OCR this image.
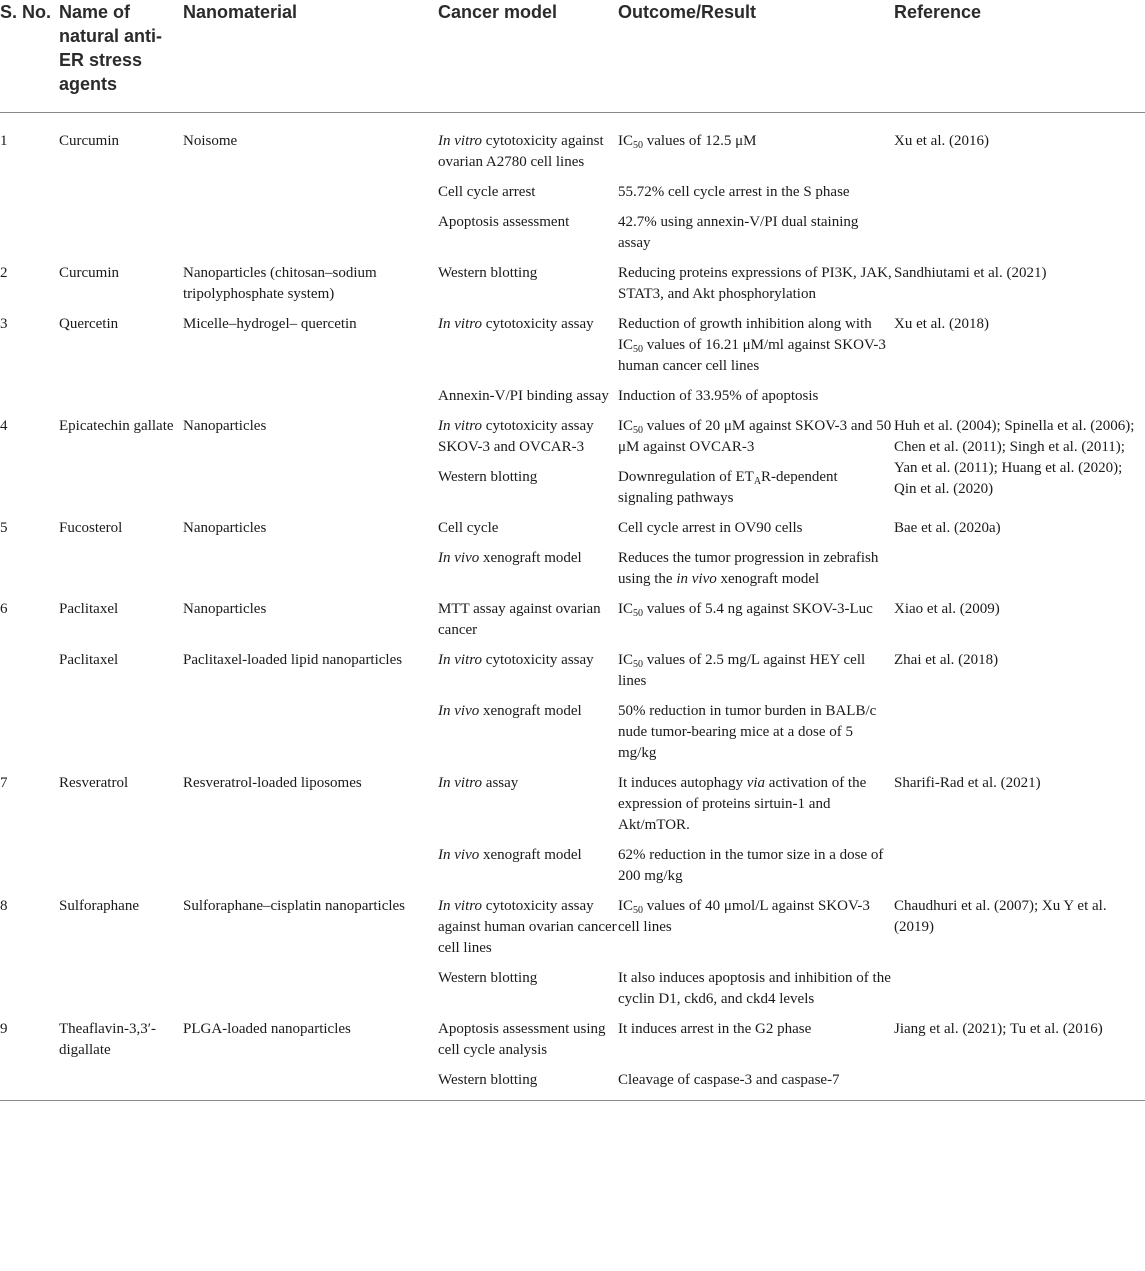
S. No.	Name of natural anti-ER stress agents	Nanomaterial	Cancer model	Outcome/Result	Reference
1	Curcumin	Noisome	In vitro cytotoxicity against ovarian A2780 cell lines	$IC_{50}$ values of 12.5 μM	Xu et al. (2016)
			Cell cycle arrest	55.72% cell cycle arrest in the S phase	
			Apoptosis assessment	42.7% using annexin-V/PI dual staining assay	
2	Curcumin	Nanoparticles (chitosan–sodium tripolyphosphate system)	Western blotting	Reducing proteins expressions of PI3K, JAK, STAT3, and Akt phosphorylation	Sandhiutami et al. (2021)
3	Quercetin	Micelle–hydrogel– quercetin	In vitro cytotoxicity assay	Reduction of growth inhibition along with $IC_{50}$ values of 16.21 μM/ml against SKOV-3 human cancer cell lines	Xu et al. (2018)
			Annexin-V/PI binding assay	Induction of 33.95% of apoptosis	
4	Epicatechin gallate	Nanoparticles	In vitro cytotoxicity assay SKOV-3 and OVCAR-3	$IC_{50}$ values of 20 μM against SKOV-3 and 50 μM against OVCAR-3	Huh et al. (2004); Spinella et al. (2006); Chen et al. (2011); Singh et al. (2011); Yan et al. (2011); Huang et al. (2020); Qin et al. (2020)
			Western blotting	Downregulation of $ET_AR$-dependent signaling pathways	
5	Fucosterol	Nanoparticles	Cell cycle	Cell cycle arrest in OV90 cells	Bae et al. (2020a)
			In vivo xenograft model	Reduces the tumor progression in zebrafish using the in vivo xenograft model	
6	Paclitaxel	Nanoparticles	MTT assay against ovarian cancer	$IC_{50}$ values of 5.4 ng against SKOV-3-Luc	Xiao et al. (2009)
	Paclitaxel	Paclitaxel-loaded lipid nanoparticles	In vitro cytotoxicity assay	$IC_{50}$ values of 2.5 mg/L against HEY cell lines	Zhai et al. (2018)
			In vivo xenograft model	50% reduction in tumor burden in BALB/c nude tumor-bearing mice at a dose of 5 mg/kg	
7	Resveratrol	Resveratrol-loaded liposomes	In vitro assay	It induces autophagy via activation of the expression of proteins sirtuin-1 and Akt/mTOR.	Sharifi-Rad et al. (2021)
			In vivo xenograft model	62% reduction in the tumor size in a dose of 200 mg/kg	
8	Sulforaphane	Sulforaphane–cisplatin nanoparticles	In vitro cytotoxicity assay against human ovarian cancer cell lines	$IC_{50}$ values of 40 μmol/L against SKOV-3 cell lines	Chaudhuri et al. (2007); Xu Y et al. (2019)
			Western blotting	It also induces apoptosis and inhibition of the cyclin D1, ckd6, and ckd4 levels	
9	Theaflavin-3,3′-digallate	PLGA-loaded nanoparticles	Apoptosis assessment using cell cycle analysis	It induces arrest in the G2 phase	Jiang et al. (2021); Tu et al. (2016)
			Western blotting	Cleavage of caspase-3 and caspase-7	
